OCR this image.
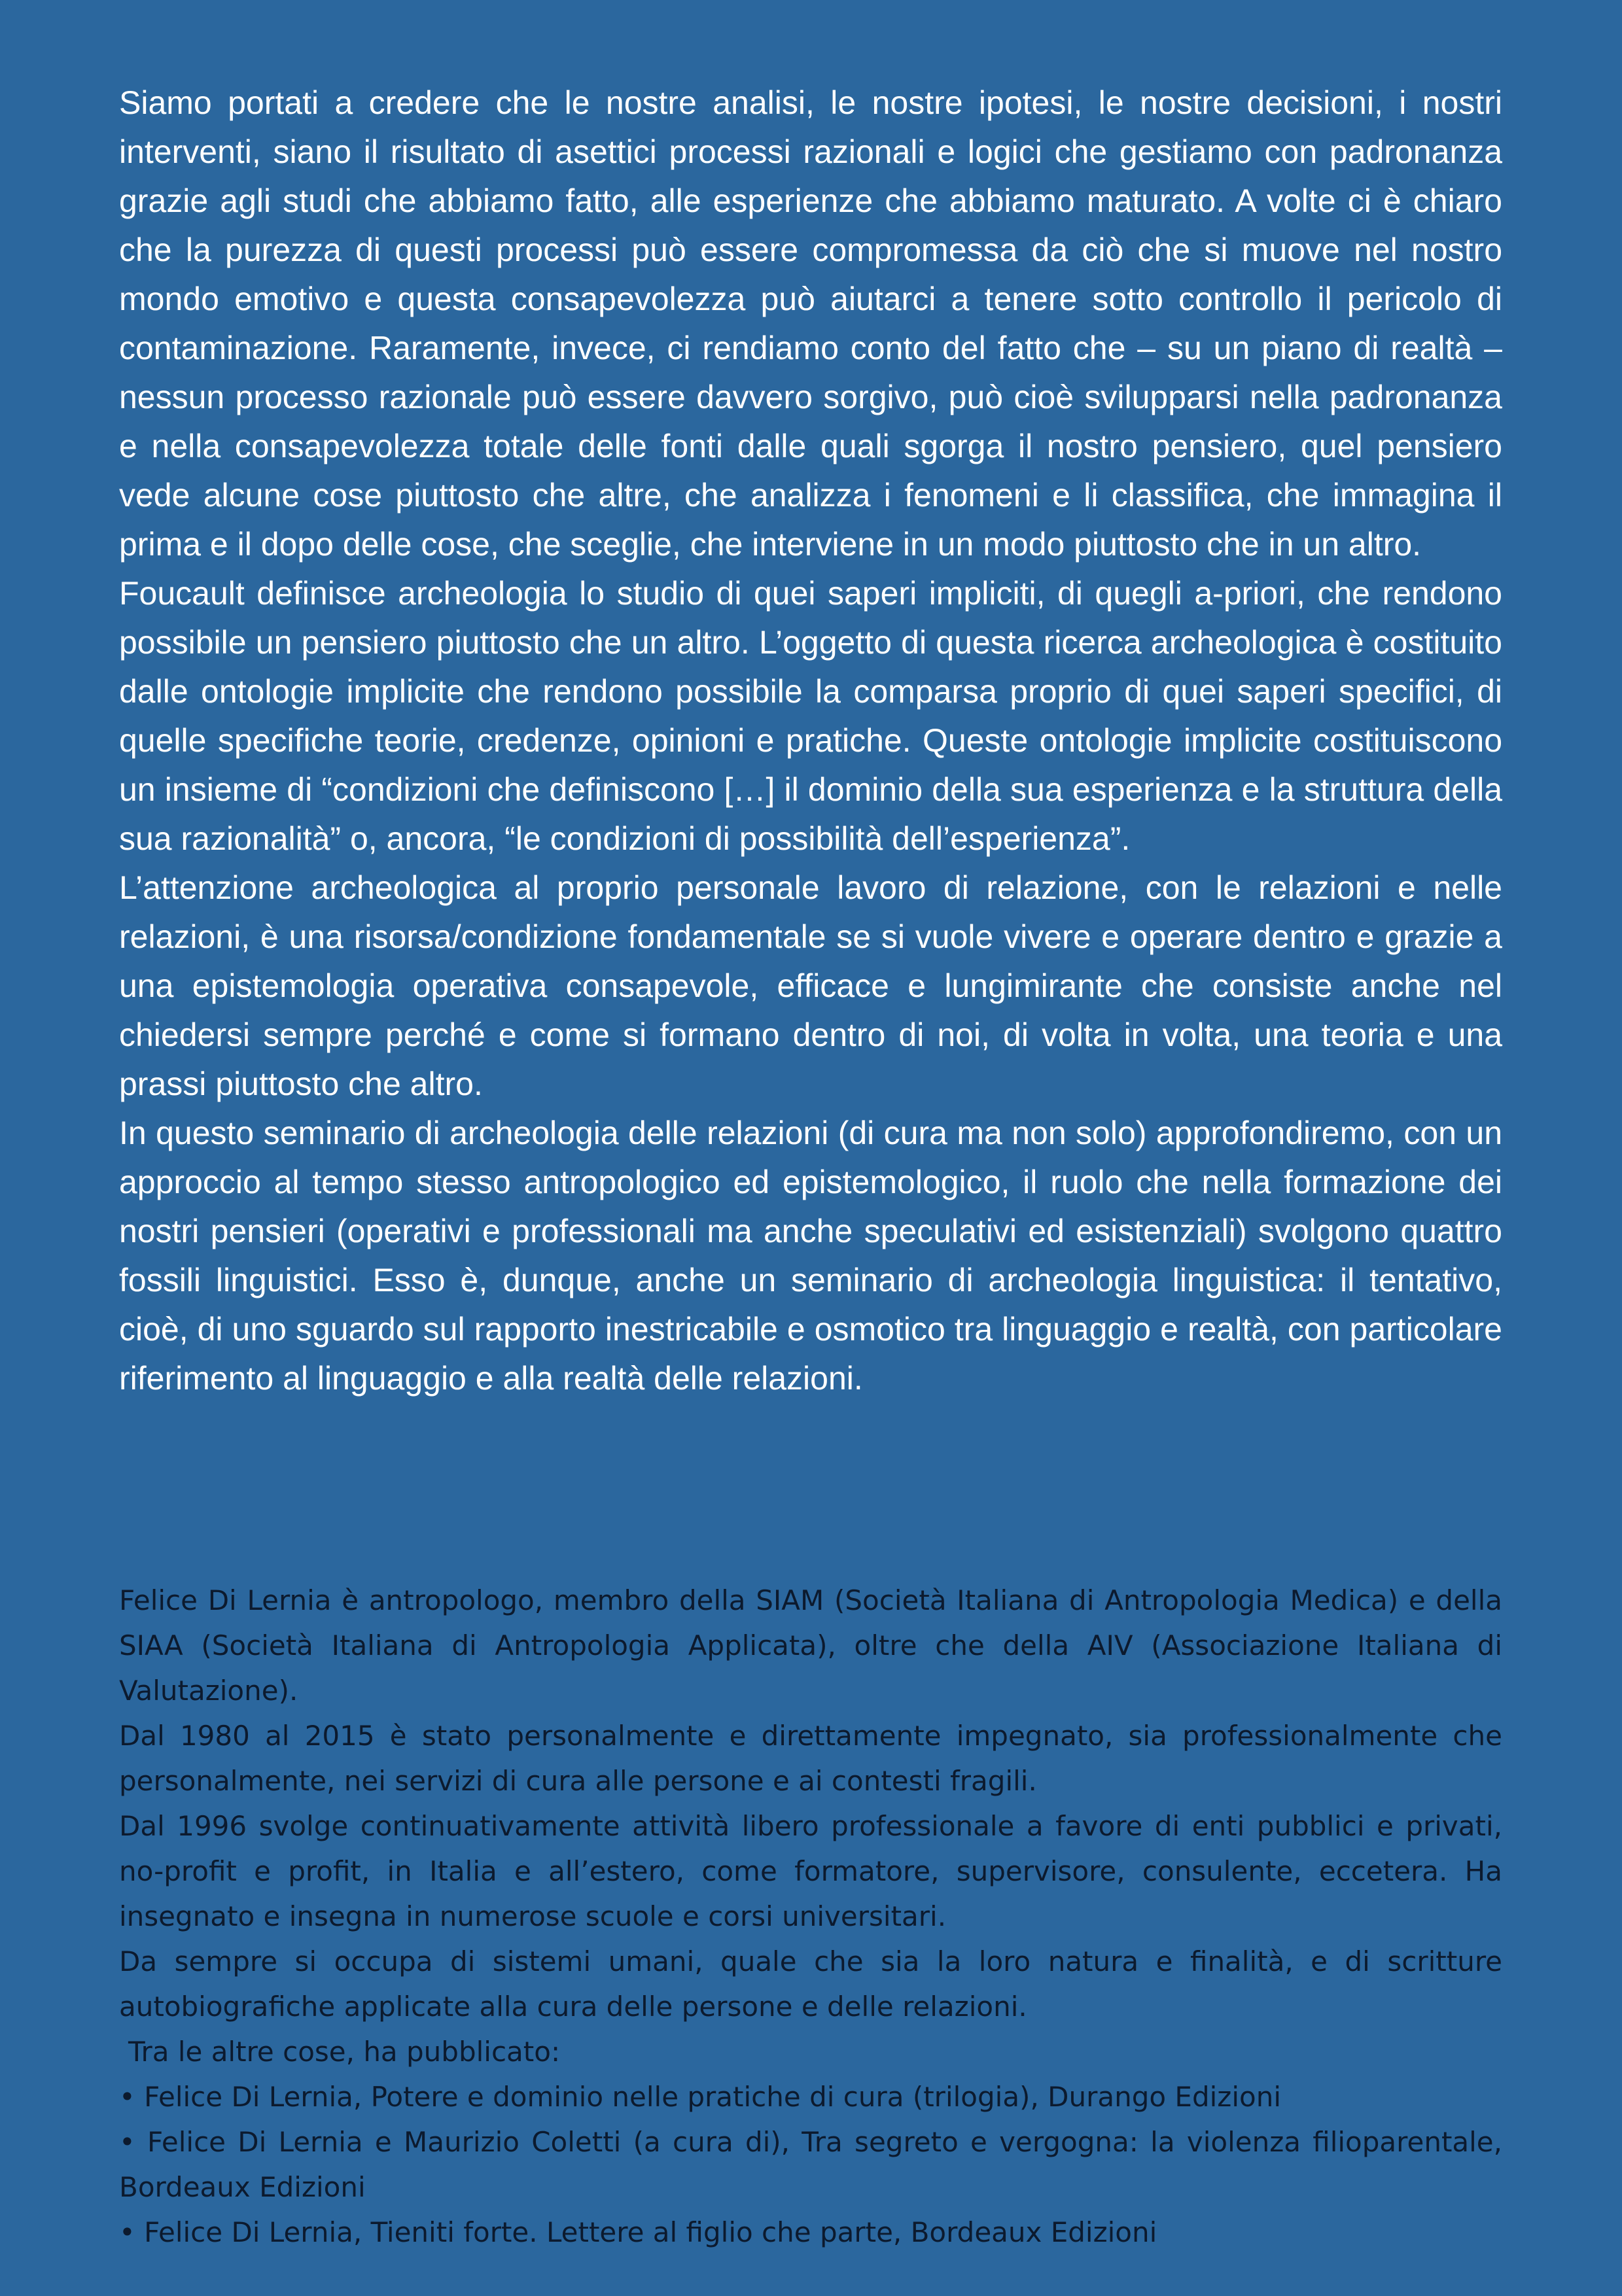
Siamo portati a credere che le nostre analisi, le nostre ipotesi, le nostre decisioni, i nostri interventi, siano il risultato di asettici processi razionali e logici che gestiamo con padronanza grazie agli studi che abbiamo fatto, alle esperienze che abbiamo maturato. A volte ci è chiaro che la purezza di questi processi può essere compromessa da ciò che si muove nel nostro mondo emotivo e questa consapevolezza può aiutarci a tenere sotto controllo il pericolo di contaminazione. Raramente, invece, ci rendiamo conto del fatto che – su un piano di realtà – nessun processo razionale può essere davvero sorgivo, può cioè svilupparsi nella padronanza e nella consapevolezza totale delle fonti dalle quali sgorga il nostro pensiero, quel pensiero vede alcune cose piuttosto che altre, che analizza i fenomeni e li classifica, che immagina il prima e il dopo delle cose, che sceglie, che interviene in un modo piuttosto che in un altro.

Foucault definisce archeologia lo studio di quei saperi impliciti, di quegli a-priori, che rendono possibile un pensiero piuttosto che un altro. L’oggetto di questa ricerca archeologica è costituito dalle ontologie implicite che rendono possibile la comparsa proprio di quei saperi specifici, di quelle specifiche teorie, credenze, opinioni e pratiche. Queste ontologie implicite costituiscono un insieme di “condizioni che definiscono […] il dominio della sua esperienza e la struttura della sua razionalità” o, ancora, “le condizioni di possibilità dell’esperienza”.

L’attenzione archeologica al proprio personale lavoro di relazione, con le relazioni e nelle relazioni, è una risorsa/condizione fondamentale se si vuole vivere e operare dentro e grazie a una epistemologia operativa consapevole, efficace e lungimirante che consiste anche nel chiedersi sempre perché e come si formano dentro di noi, di volta in volta, una teoria e una prassi piuttosto che altro.

In questo seminario di archeologia delle relazioni (di cura ma non solo) approfondiremo, con un approccio al tempo stesso antropologico ed epistemologico, il ruolo che nella formazione dei nostri pensieri (operativi e professionali ma anche speculativi ed esistenziali) svolgono quattro fossili linguistici. Esso è, dunque, anche un seminario di archeologia linguistica: il tentativo, cioè, di uno sguardo sul rapporto inestricabile e osmotico tra linguaggio e realtà, con particolare riferimento al linguaggio e alla realtà delle relazioni.

Felice Di Lernia è antropologo, membro della SIAM (Società Italiana di Antropologia Medica) e della SIAA (Società Italiana di Antropologia Applicata), oltre che della AIV (Associazione Italiana di Valutazione).

Dal 1980 al 2015 è stato personalmente e direttamente impegnato, sia professionalmente che personalmente, nei servizi di cura alle persone e ai contesti fragili.

Dal 1996 svolge continuativamente attività libero professionale a favore di enti pubblici e privati, no-profit e profit, in Italia e all’estero, come formatore, supervisore, consulente, eccetera. Ha insegnato e insegna in numerose scuole e corsi universitari.

Da sempre si occupa di sistemi umani, quale che sia la loro natura e finalità, e di scritture autobiografiche applicate alla cura delle persone e delle relazioni.

Tra le altre cose, ha pubblicato:

• Felice Di Lernia, Potere e dominio nelle pratiche di cura (trilogia), Durango Edizioni

• Felice Di Lernia e Maurizio Coletti (a cura di), Tra segreto e vergogna: la violenza filioparentale, Bordeaux Edizioni

• Felice Di Lernia, Tieniti forte. Lettere al figlio che parte, Bordeaux Edizioni
